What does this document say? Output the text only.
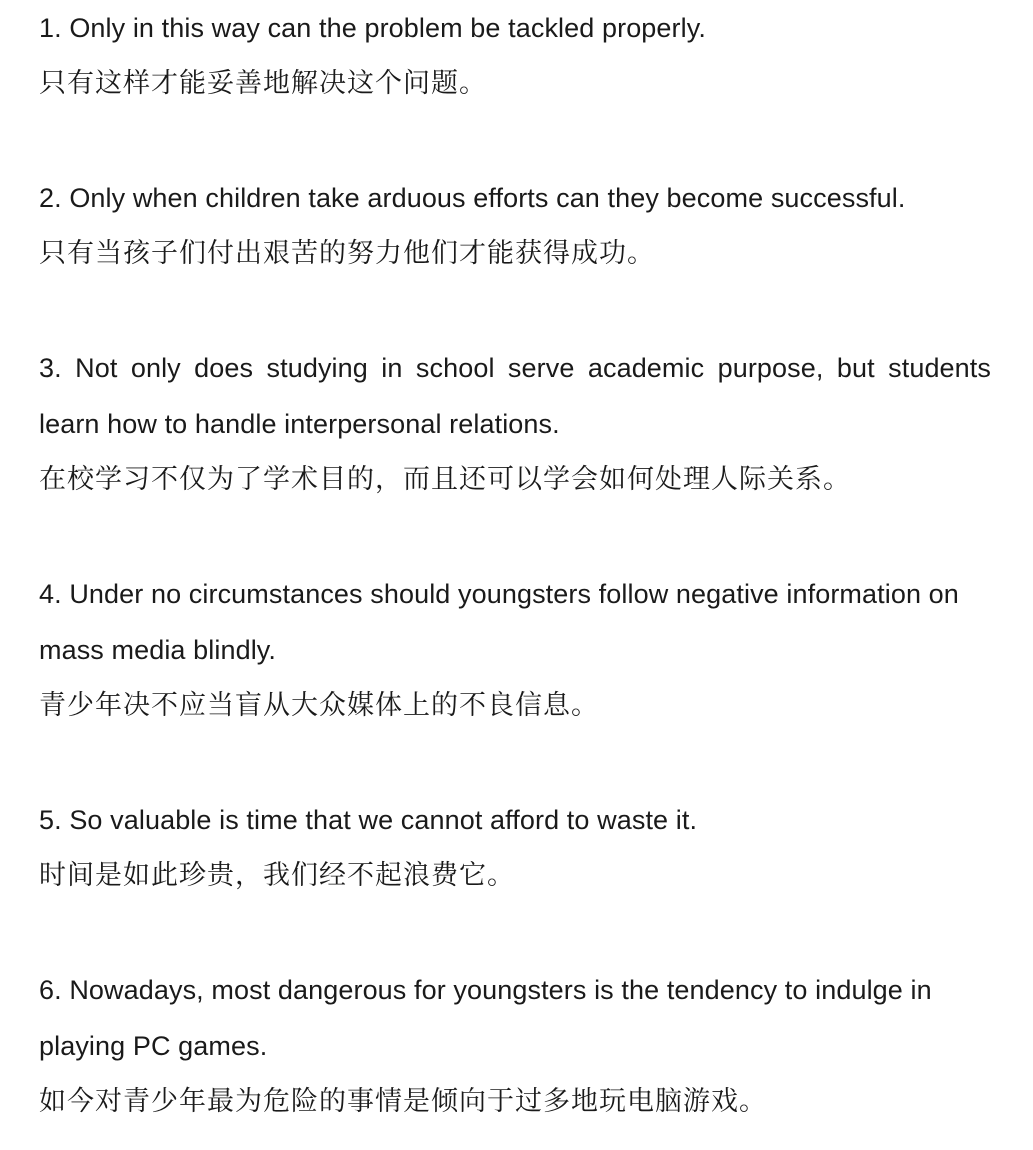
1. Only in this way can the problem be tackled properly.

只有这样才能妥善地解决这个问题。

2. Only when children take arduous efforts can they become successful.

只有当孩子们付出艰苦的努力他们才能获得成功。

3. Not only does studying in school serve academic purpose, but students learn how to handle interpersonal relations.

在校学习不仅为了学术目的，而且还可以学会如何处理人际关系。

4. Under no circumstances should youngsters follow negative information on mass media blindly.

青少年决不应当盲从大众媒体上的不良信息。

5. So valuable is time that we cannot afford to waste it.

时间是如此珍贵，我们经不起浪费它。

6. Nowadays, most dangerous for youngsters is the tendency to indulge in playing PC games.

如今对青少年最为危险的事情是倾向于过多地玩电脑游戏。
